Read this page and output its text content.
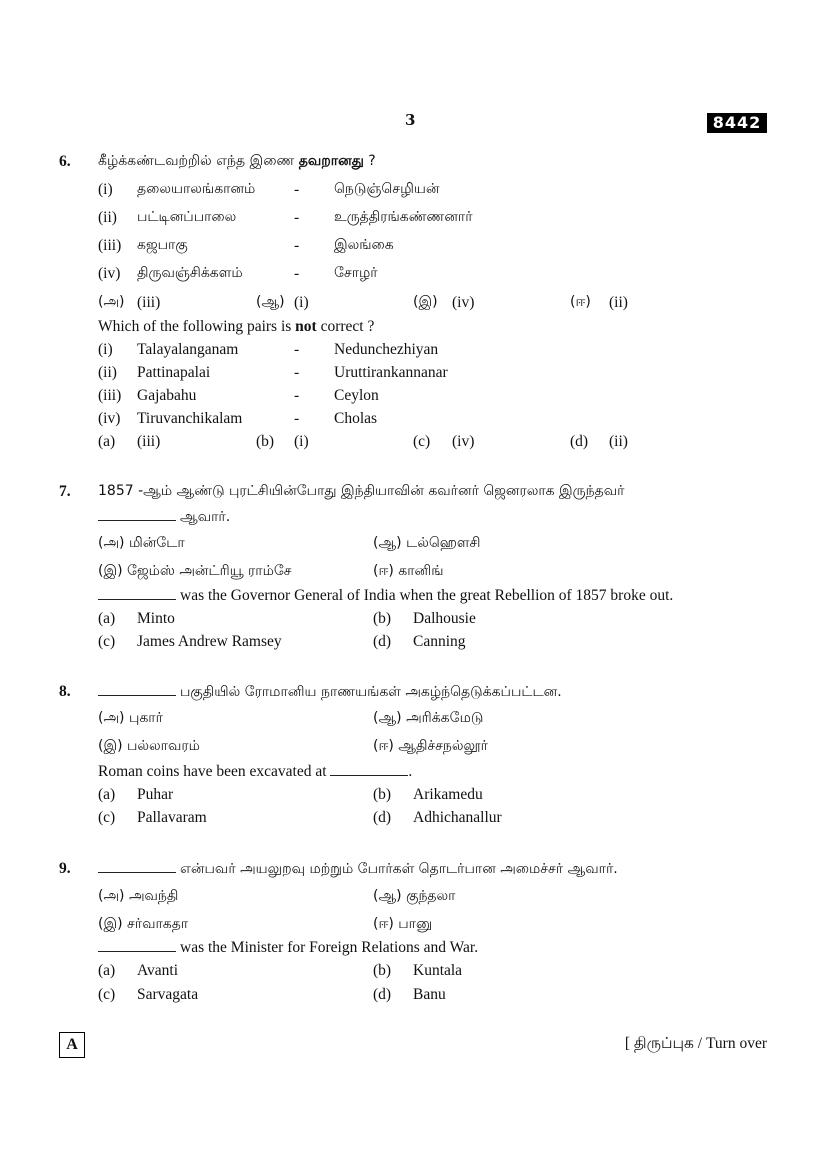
3	8442
6. கீழ்க்கண்டவற்றில் எந்த இணை தவறானது ?
(i) தலையாலங்கானம் - நெடுஞ்செழியன்
(ii) பட்டினப்பாலை	- உருத்திரங்கண்ணனார்
(iii) கஜபாகு	- இலங்கை
(iv) திருவஞ்சிக்களம்	- சோழர்
(அ) (iii)	(ஆ) (i)	(இ) (iv)	(ஈ) (ii)
Which of the following pairs is not correct ?
(i) Talayalanganam	- Nedunchezhiyan
(ii) Pattinapalai	- Uruttirankannanar
(iii) Gajabahu	- Ceylon
(iv) Tiruvanchikalam	- Cholas
(a) (iii)	(b) (i)	(c) (iv)	(d) (ii)
7. 1857 -ஆம் ஆண்டு புரட்சியின்போது இந்தியாவின் கவர்னர் ஜெனரலாக இருந்தவர்
ஆவார்.
(அ) மின்டோ	(ஆ) டல்ஹௌசி
(இ) ஜேம்ஸ் அன்ட்ரியூ ராம்சே	(ஈ) கானிங்
was the Governor General of India when the great Rebellion of 1857 broke out.
(a) Minto	(b) Dalhousie
(c) James Andrew Ramsey	(d) Canning
8.	பகுதியில் ரோமானிய நாணயங்கள் அகழ்ந்தெடுக்கப்பட்டன.
(அ) புகார்	(ஆ) அரிக்கமேடு
(இ) பல்லாவரம்	(ஈ) ஆதிச்சநல்லூர்
Roman coins have been excavated at	.
(a) Puhar	(b) Arikamedu
(c) Pallavaram	(d) Adhichanallur
9.	என்பவர் அயலுறவு மற்றும் போர்கள் தொடர்பான அமைச்சர் ஆவார்.
(அ) அவந்தி	(ஆ) குந்தலா
(இ) சர்வாகதா	(ஈ) பானு
was the Minister for Foreign Relations and War.
(a) Avanti	(b) Kuntala
(c) Sarvagata	(d) Banu
A	[ திருப்புக / Turn over
